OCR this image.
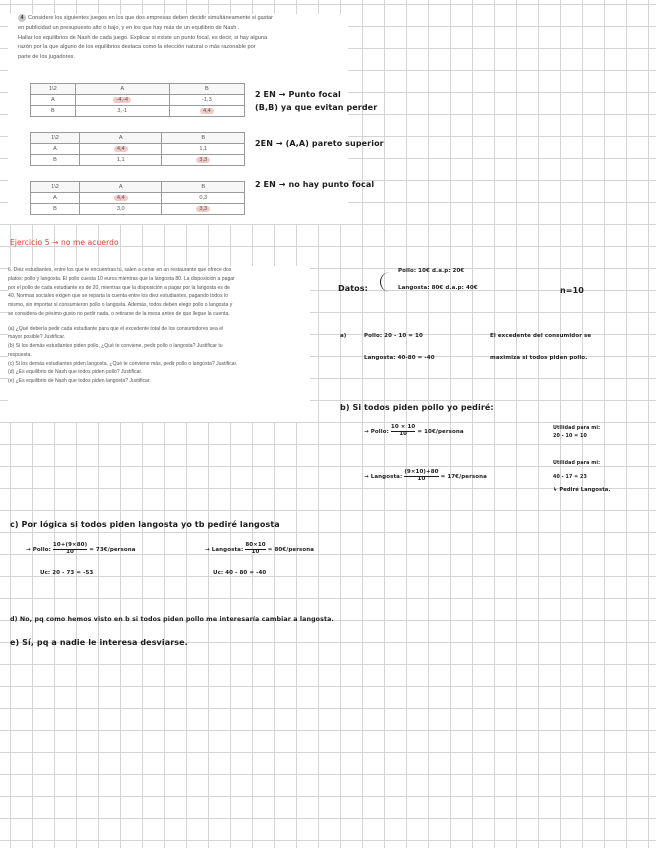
4 Considere los siguientes juegos en los que dos empresas deben decidir simultáneamente si gastar

en publicidad un presupuesto alto o bajo, y en los que hay más de un equilibrio de Nash .

Hallar los equilibrios de Nash de cada juego. Explicar si existe un punto focal, es decir, si hay alguna

razón por la que alguno de los equilibrios destaca como la elección natural o más razonable por

parte de los jugadores.

1\2	A	B
A	-4,-4	-1,3
B	3,-1	4,4
1\2	A	B
A	4,4	1,1
B	1,1	3,3
1\2	A	B
A	4,4	0,3
B	3,0	3,3
2 EN → Punto focal
(B,B) ya que evitan perder
2EN → (A,A) pareto superior
2 EN → no hay punto focal
Ejercicio 5 → no me acuerdo

6. Diez estudiantes, entre los que te encuentras tú, salen a cenar en un restaurante que ofrece dos

platos: pollo y langosta. El pollo cuesta 10 euros mientras que la langosta 80. La disposición a pagar

por el pollo de cada estudiante es de 20, mientras que la disposición a pagar por la langosta es de

40. Normas sociales exigen que se reparta la cuenta entre los diez estudiantes, pagando todos lo

mismo, sin importar si consumieron pollo o langosta. Además, todos deben elegir pollo o langosta y

se considera de pésimo gusto no pedir nada, o retirarse de la mesa antes de que llegue la cuenta.

(a) ¿Qué debería pedir cada estudiante para que el excedente total de los consumidores sea el

mayor posible? Justificar.

(b) Si los demás estudiantes piden pollo, ¿Qué te conviene, pedir pollo o langosta? Justificar tu

respuesta.

(c) Si los demás estudiantes piden langosta, ¿Qué te conviene más, pedir pollo o langosta? Justificar.

(d) ¿Es equilibrio de Nash que todos piden pollo? Justificar.

(e) ¿Es equilibrio de Nash que todos piden langosta? Justificar.

Datos:
Pollo: 10€ d.a.p: 20€
Langosta: 80€ d.a.p: 40€	n=10
a)	Pollo: 20 - 10 = 10
Langosta: 40-80 = -40
El excedente del consumidor se
maximiza si todos piden pollo.
b) Si todos piden pollo yo pediré:
→ Pollo: $\frac{10 \times 10}{10}$ = 10€/persona
Utilidad para mi:
20 - 10 = 10
→ Langosta: $\frac{(9\times 10)+80}{10}$ = 17€/persona
Utilidad para mi:
40 - 17 = 23
↳ Pediré Langosta.
c) Por lógica si todos piden langosta yo tb pediré langosta
→ Pollo: $\frac{10+(9\times 80)}{10}$ = 73€/persona	→ Langosta: $\frac{80\times 10}{10}$ = 80€/persona
Uc: 20 - 73 = -53	Uc: 40 - 80 = -40
d) No, pq como hemos visto en b si todos piden pollo me interesaría cambiar a langosta.
e) Sí, pq a nadie le interesa desviarse.
